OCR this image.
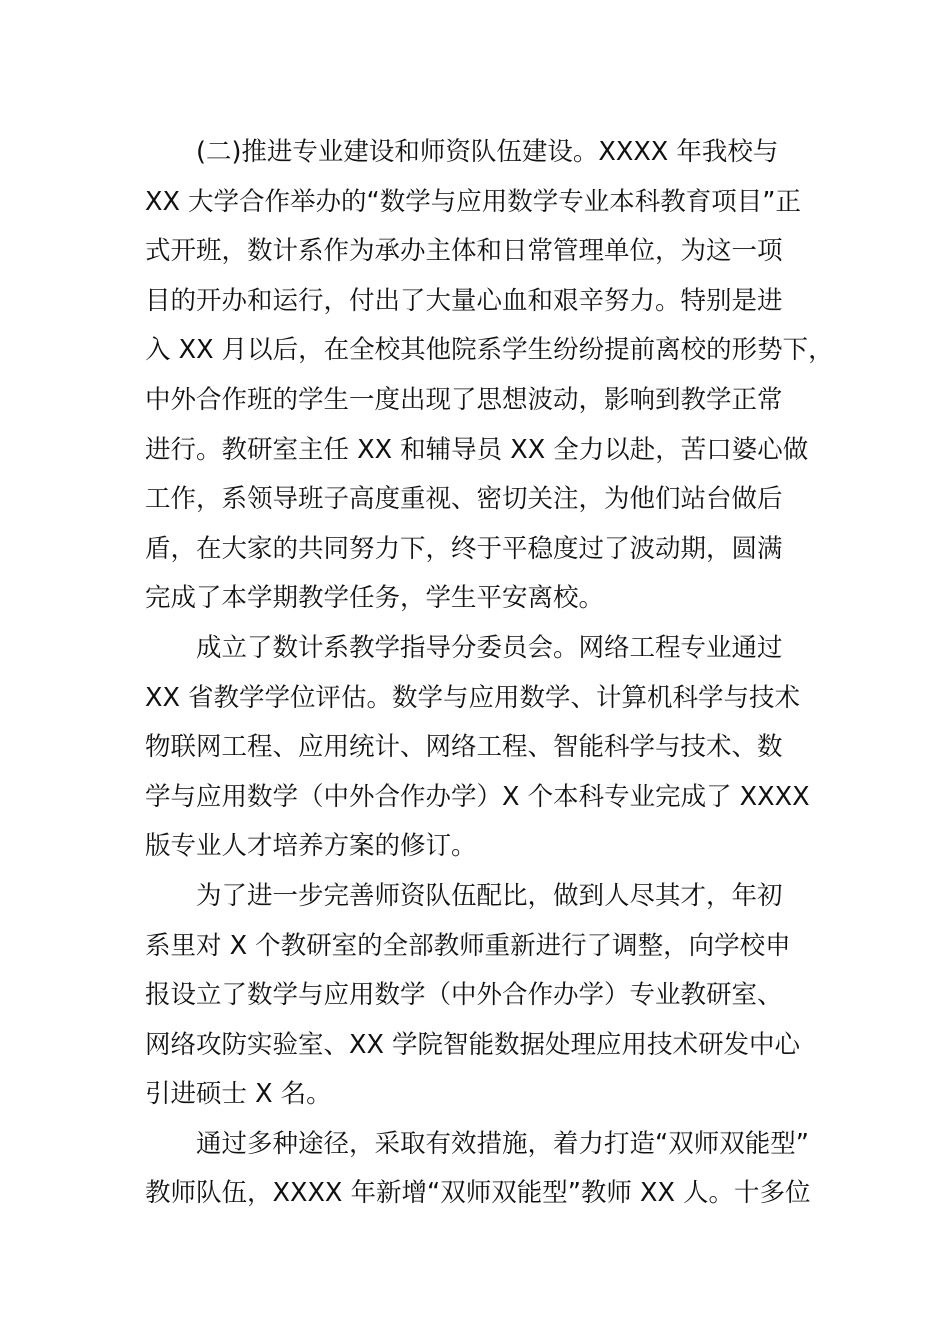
　　(二)推进专业建设和师资队伍建设。XXXX 年我校与
XX 大学合作举办的“数学与应用数学专业本科教育项目”正
式开班，数计系作为承办主体和日常管理单位，为这一项
目的开办和运行，付出了大量心血和艰辛努力。特别是进
入 XX 月以后，在全校其他院系学生纷纷提前离校的形势下，
中外合作班的学生一度出现了思想波动，影响到教学正常
进行。教研室主任 XX 和辅导员 XX 全力以赴，苦口婆心做
工作，系领导班子高度重视、密切关注，为他们站台做后
盾，在大家的共同努力下，终于平稳度过了波动期，圆满
完成了本学期教学任务，学生平安离校。
　　成立了数计系教学指导分委员会。网络工程专业通过
XX 省教学学位评估。数学与应用数学、计算机科学与技术
物联网工程、应用统计、网络工程、智能科学与技术、数
学与应用数学（中外合作办学）X 个本科专业完成了 XXXX
版专业人才培养方案的修订。
　　为了进一步完善师资队伍配比，做到人尽其才，年初
系里对 X 个教研室的全部教师重新进行了调整，向学校申
报设立了数学与应用数学（中外合作办学）专业教研室、
网络攻防实验室、XX 学院智能数据处理应用技术研发中心
引进硕士 X 名。
　　通过多种途径，采取有效措施，着力打造“双师双能型”
教师队伍，XXXX 年新增“双师双能型”教师 XX 人。十多位
